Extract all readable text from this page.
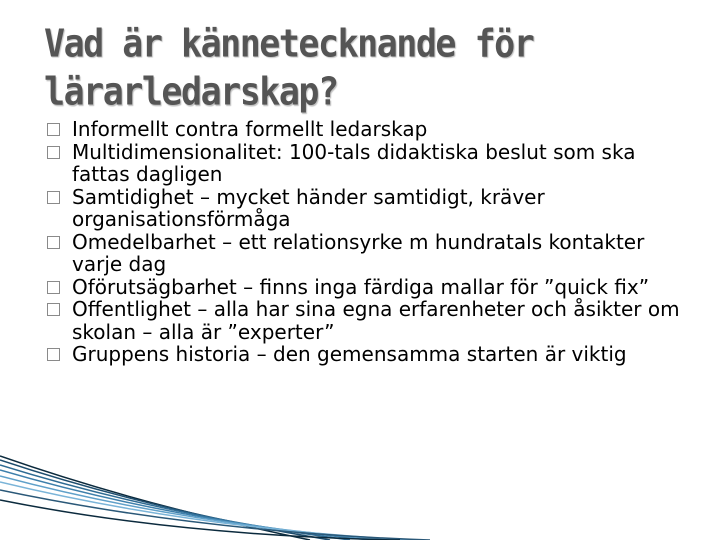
Vad är kännetecknande för
lärarledarskap?
Informellt contra formellt ledarskap
Multidimensionalitet: 100-tals didaktiska beslut som ska fattas dagligen
Samtidighet – mycket händer samtidigt, kräver organisationsförmåga
Omedelbarhet – ett relationsyrke m hundratals kontakter varje dag
Oförutsägbarhet – finns inga färdiga mallar för ”quick fix”
Offentlighet – alla har sina egna erfarenheter och åsikter om skolan – alla är ”experter”
Gruppens historia – den gemensamma starten är viktig
